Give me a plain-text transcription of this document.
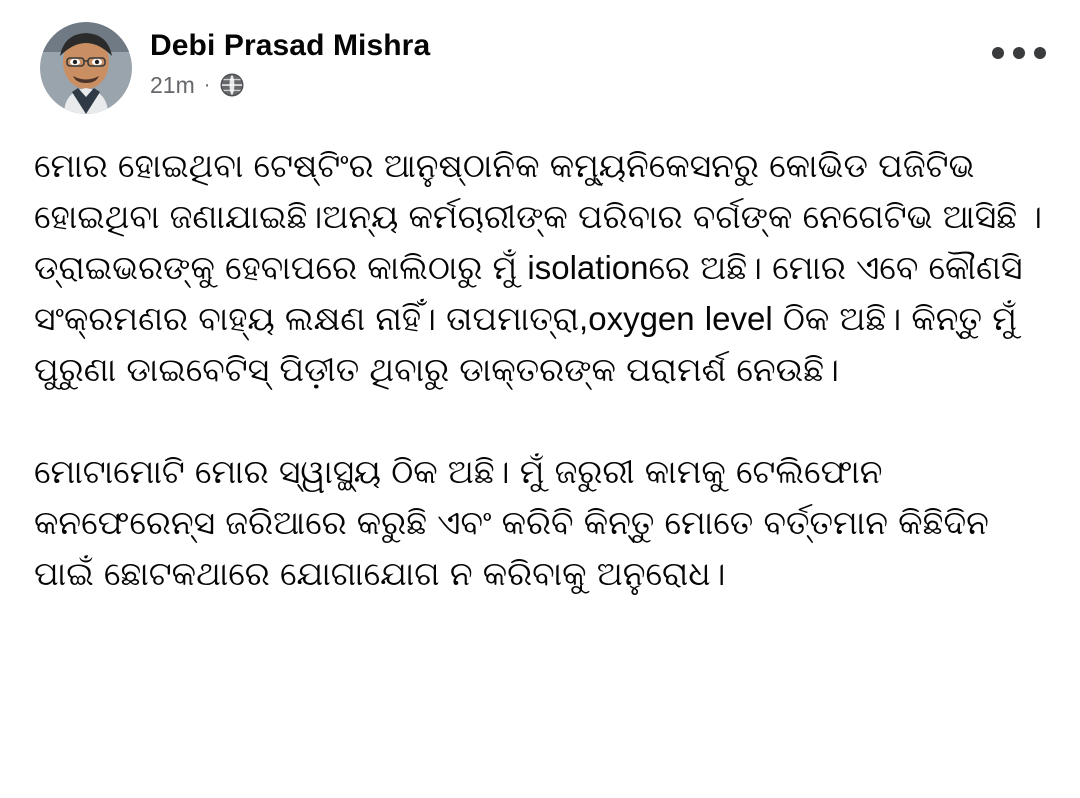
Debi Prasad Mishra
21m ·

ମୋର ହୋଇଥିବା ଟେଷ୍ଟିଂର ଆନୁଷ୍ଠାନିକ କମ୍ୟୁନିକେସନରୁ କୋଭିଡ ପଜିଟିଭ ହୋଇଥିବା ଜଣାଯାଇଛି।ଅନ୍ୟ କର୍ମଚାରୀଙ୍କ ପରିବାର ବର୍ଗଙ୍କ ନେଗେଟିଭ ଆସିଛି । ଡ୍ରାଇଭରଙ୍କୁ ହେବାପରେ କାଲିଠାରୁ ମୁଁ isolationରେ ଅଛି। ମୋର ଏବେ କୌଣସି ସଂକ୍ରମଣର ବାହ୍ୟ ଲକ୍ଷଣ ନାହିଁ। ତାପମାତ୍ରା,oxygen level ଠିକ ଅଛି। କିନ୍ତୁ ମୁଁ ପୁରୁଣା ଡାଇବେଟିସ୍ ପିଡ଼ୀତ ଥିବାରୁ ଡାକ୍ତରଙ୍କ ପରାମର୍ଶ ନେଉଛି।

ମୋଟାମୋଟି ମୋର ସ୍ୱାସ୍ଥ୍ୟ ଠିକ ଅଛି। ମୁଁ ଜରୁରୀ କାମକୁ ଟେଲିଫୋନ କନଫେରେନ୍ସ ଜରିଆରେ କରୁଛି ଏବଂ କରିବି କିନ୍ତୁ ମୋତେ ବର୍ତ୍ତମାନ କିଛିଦିନ ପାଇଁ ଛୋଟକଥାରେ ଯୋଗାଯୋଗ ନ କରିବାକୁ ଅନୁରୋଧ।
